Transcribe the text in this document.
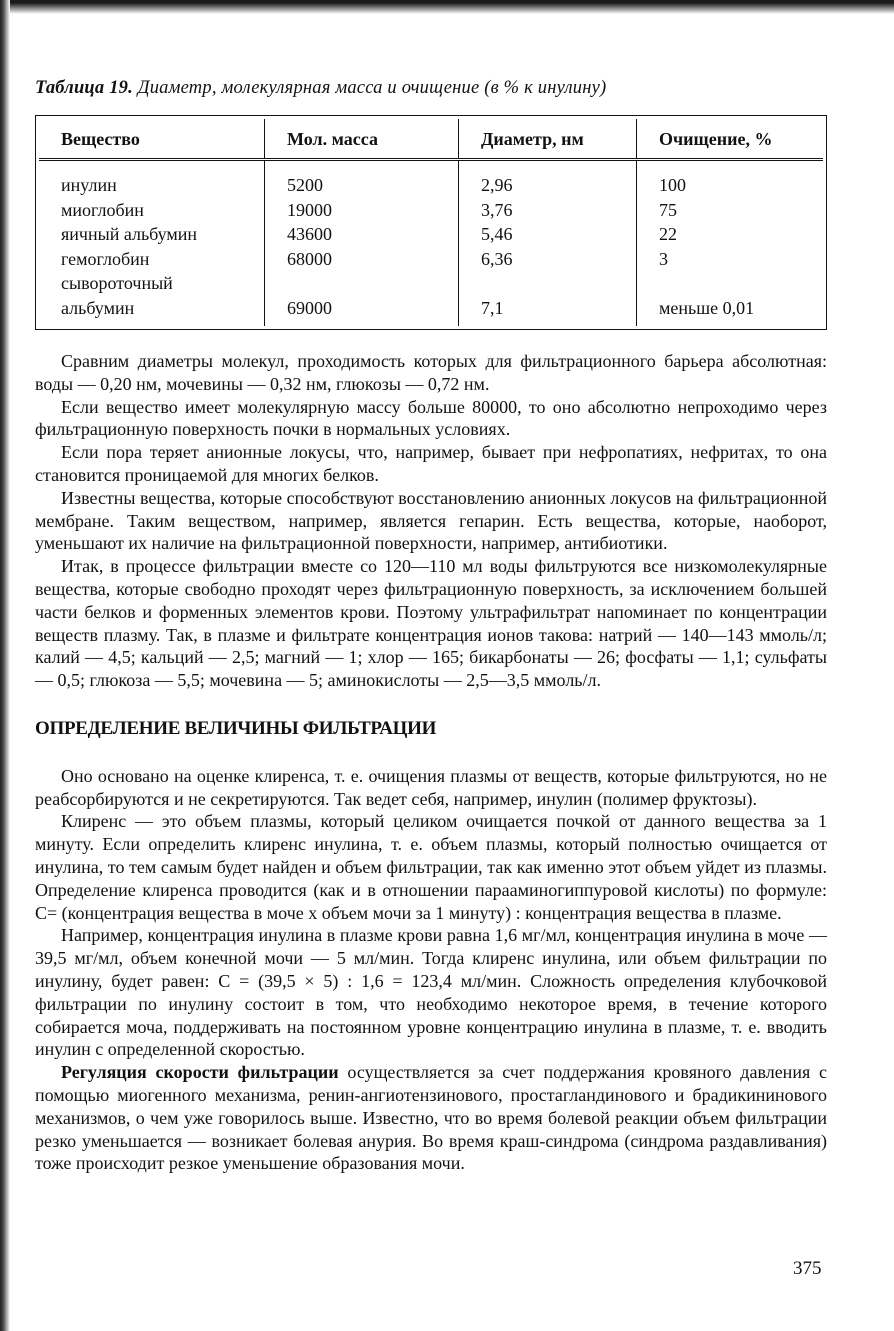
Таблица 19. Диаметр, молекулярная масса и очищение (в % к инулину)
Вещество	Мол. масса	Диаметр, нм	Очищение, %
инулин	5200	2,96	100
миоглобин	19000	3,76	75
яичный альбумин	43600	5,46	22
гемоглобин	68000	6,36	3
сывороточный
альбумин	69000	7,1	меньше 0,01

Сравним диаметры молекул, проходимость которых для фильтрационного барьера абсолютная: воды — 0,20 нм, мочевины — 0,32 нм, глюкозы — 0,72 нм.

Если вещество имеет молекулярную массу больше 80000, то оно абсолютно непроходимо через фильтрационную поверхность почки в нормальных условиях.

Если пора теряет анионные локусы, что, например, бывает при нефропатиях, нефритах, то она становится проницаемой для многих белков.

Известны вещества, которые способствуют восстановлению анионных локусов на фильтрационной мембране. Таким веществом, например, является гепарин. Есть вещества, которые, наоборот, уменьшают их наличие на фильтрационной поверхности, например, антибиотики.

Итак, в процессе фильтрации вместе со 120—110 мл воды фильтруются все низкомолекулярные вещества, которые свободно проходят через фильтрационную поверхность, за исключением большей части белков и форменных элементов крови. Поэтому ультрафильтрат напоминает по концентрации веществ плазму. Так, в плазме и фильтрате концентрация ионов такова: натрий — 140—143 ммоль/л; калий — 4,5; кальций — 2,5; магний — 1; хлор — 165; бикарбонаты — 26; фосфаты — 1,1; сульфаты — 0,5; глюкоза — 5,5; мочевина — 5; аминокислоты — 2,5—3,5 ммоль/л.

ОПРЕДЕЛЕНИЕ ВЕЛИЧИНЫ ФИЛЬТРАЦИИ

Оно основано на оценке клиренса, т. е. очищения плазмы от веществ, которые фильтруются, но не реабсорбируются и не секретируются. Так ведет себя, например, инулин (полимер фруктозы).

Клиренс — это объем плазмы, который целиком очищается почкой от данного вещества за 1 минуту. Если определить клиренс инулина, т. е. объем плазмы, который полностью очищается от инулина, то тем самым будет найден и объем фильтрации, так как именно этот объем уйдет из плазмы. Определение клиренса проводится (как и в отношении парааминогиппуровой кислоты) по формуле: С= (концентрация вещества в моче х объем мочи за 1 минуту) : концентрация вещества в плазме.

Например, концентрация инулина в плазме крови равна 1,6 мг/мл, концентрация инулина в моче — 39,5 мг/мл, объем конечной мочи — 5 мл/мин. Тогда клиренс инулина, или объем фильтрации по инулину, будет равен: С = (39,5 × 5) : 1,6 = 123,4 мл/мин. Сложность определения клубочковой фильтрации по инулину состоит в том, что необходимо некоторое время, в течение которого собирается моча, поддерживать на постоянном уровне концентрацию инулина в плазме, т. е. вводить инулин с определенной скоростью.

Регуляция скорости фильтрации осуществляется за счет поддержания кровяного давления с помощью миогенного механизма, ренин-ангиотензинового, простагландинового и брадикининового механизмов, о чем уже говорилось выше. Известно, что во время болевой реакции объем фильтрации резко уменьшается — возникает болевая анурия. Во время краш-синдрома (синдрома раздавливания) тоже происходит резкое уменьшение образования мочи.

375
